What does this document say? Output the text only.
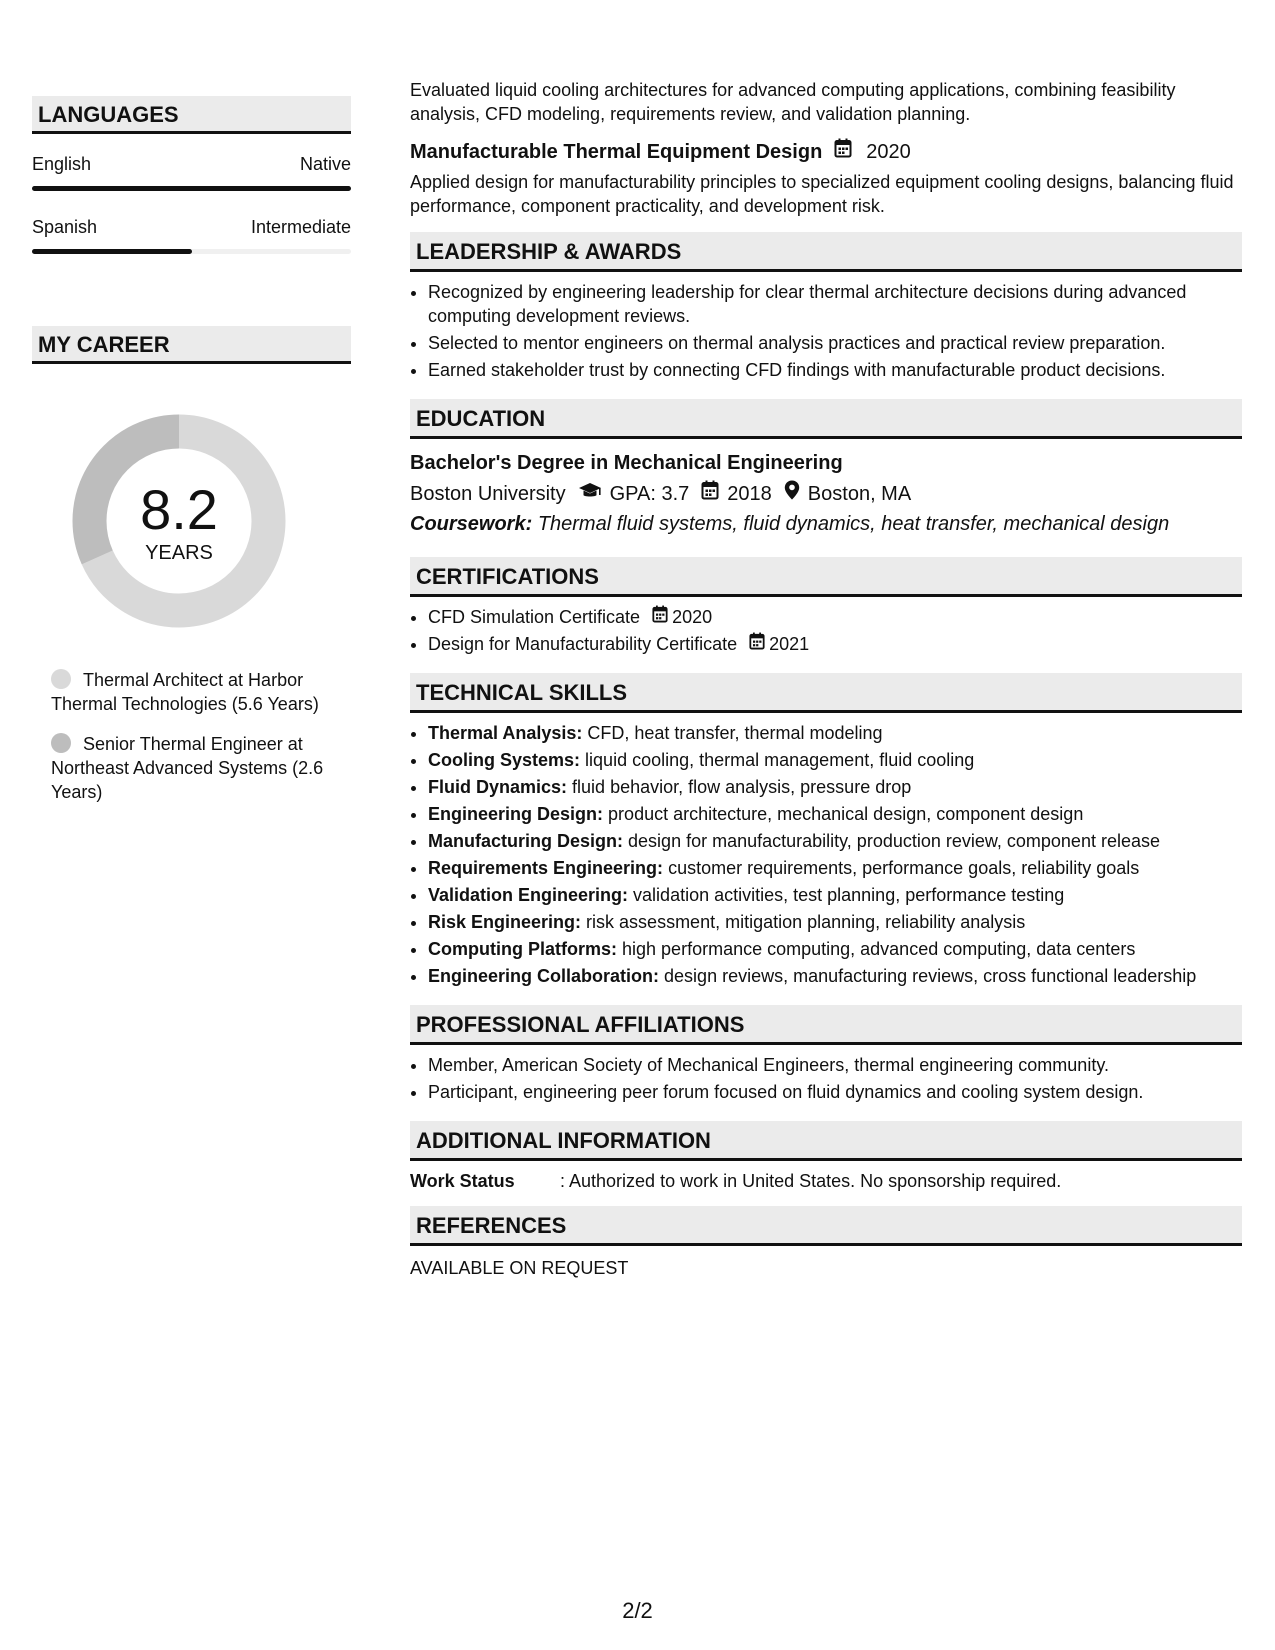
LANGUAGES
English	Native
Spanish	Intermediate
MY CAREER
8.2
YEARS
Thermal Architect at Harbor Thermal Technologies (5.6 Years)
Senior Thermal Engineer at Northeast Advanced Systems (2.6 Years)

Evaluated liquid cooling architectures for advanced computing applications, combining feasibility analysis, CFD modeling, requirements review, and validation planning.

Manufacturable Thermal Equipment Design 2020

Applied design for manufacturability principles to specialized equipment cooling designs, balancing fluid performance, component practicality, and development risk.

LEADERSHIP & AWARDS
• Recognized by engineering leadership for clear thermal architecture decisions during advanced computing development reviews.
• Selected to mentor engineers on thermal analysis practices and practical review preparation.
• Earned stakeholder trust by connecting CFD findings with manufacturable product decisions.
EDUCATION
Bachelor's Degree in Mechanical Engineering
Boston University GPA: 3.7 2018 Boston, MA
Coursework: Thermal fluid systems, fluid dynamics, heat transfer, mechanical design
CERTIFICATIONS
• CFD Simulation Certificate 2020
• Design for Manufacturability Certificate 2021
TECHNICAL SKILLS
• Thermal Analysis: CFD, heat transfer, thermal modeling
• Cooling Systems: liquid cooling, thermal management, fluid cooling
• Fluid Dynamics: fluid behavior, flow analysis, pressure drop
• Engineering Design: product architecture, mechanical design, component design
• Manufacturing Design: design for manufacturability, production review, component release
• Requirements Engineering: customer requirements, performance goals, reliability goals
• Validation Engineering: validation activities, test planning, performance testing
• Risk Engineering: risk assessment, mitigation planning, reliability analysis
• Computing Platforms: high performance computing, advanced computing, data centers
• Engineering Collaboration: design reviews, manufacturing reviews, cross functional leadership
PROFESSIONAL AFFILIATIONS
• Member, American Society of Mechanical Engineers, thermal engineering community.
• Participant, engineering peer forum focused on fluid dynamics and cooling system design.
ADDITIONAL INFORMATION
Work Status	: Authorized to work in United States. No sponsorship required.
REFERENCES
AVAILABLE ON REQUEST
2/2
